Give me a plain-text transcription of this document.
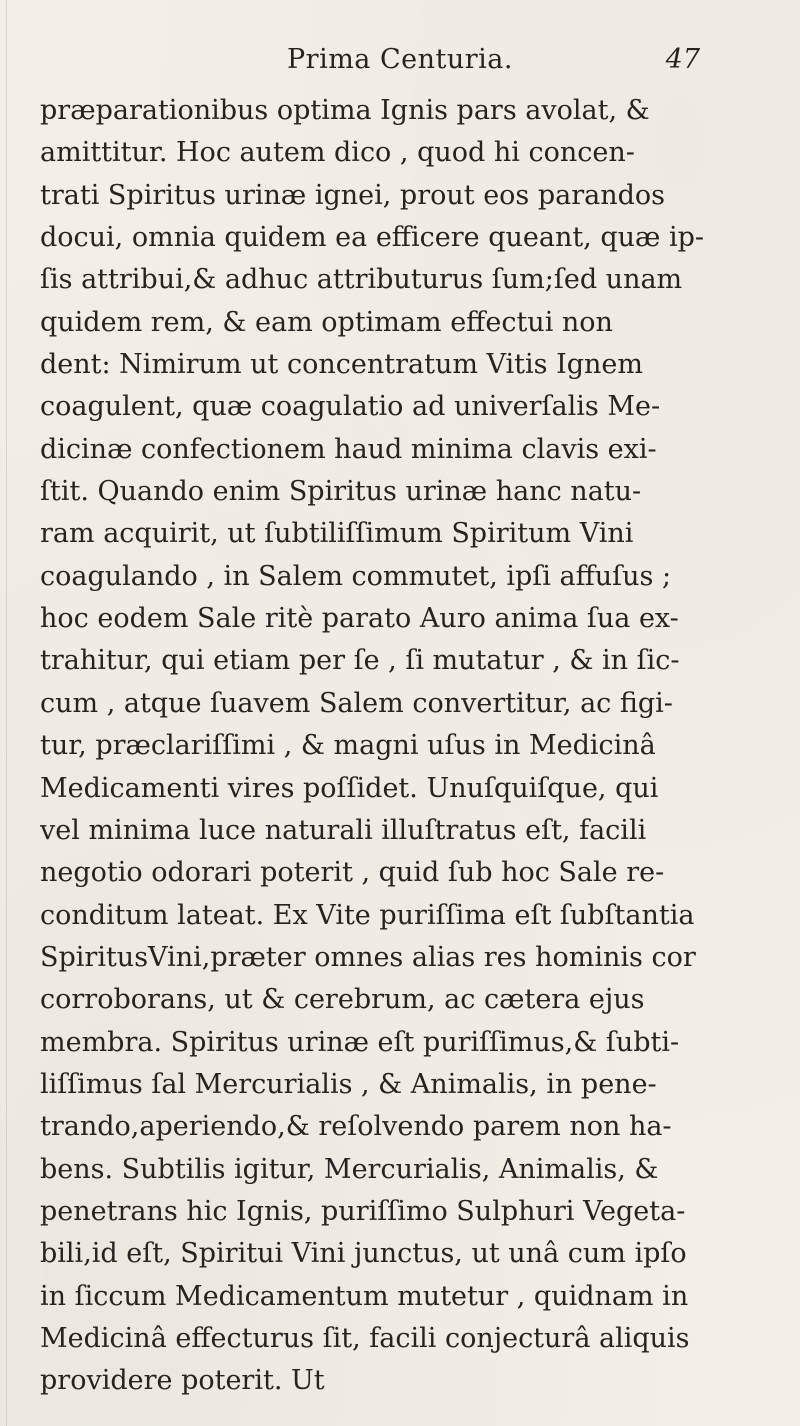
Prima Centuria.	47
præparationibus optima Ignis pars avolat, &
amittitur. Hoc autem dico , quod hi concen-
trati Spiritus urinæ ignei, prout eos parandos
docui, omnia quidem ea efficere queant, quæ ip-
ſis attribui,& adhuc attributurus ſum;ſed unam
quidem rem, & eam optimam effectui non
dent: Nimirum ut concentratum Vitis Ignem
coagulent, quæ coagulatio ad univerſalis Me-
dicinæ confectionem haud minima clavis exi-
ſtit. Quando enim Spiritus urinæ hanc natu-
ram acquirit, ut ſubtiliſſimum Spiritum Vini
coagulando , in Salem commutet, ipſi affuſus ;
hoc eodem Sale ritè parato Auro anima ſua ex-
trahitur, qui etiam per ſe , ſi mutatur , & in ſic-
cum , atque ſuavem Salem convertitur, ac figi-
tur, præclariſſimi , & magni uſus in Medicinâ
Medicamenti vires poſſidet. Unuſquiſque, qui
vel minima luce naturali illuſtratus eſt, facili
negotio odorari poterit , quid ſub hoc Sale re-
conditum lateat. Ex Vite puriſſima eſt ſubſtantia
SpiritusVini,præter omnes alias res hominis cor
corroborans, ut & cerebrum, ac cætera ejus
membra. Spiritus urinæ eſt puriſſimus,& ſubti-
liſſimus ſal Mercurialis , & Animalis, in pene-
trando,aperiendo,& reſolvendo parem non ha-
bens. Subtilis igitur, Mercurialis, Animalis, &
penetrans hic Ignis, puriſſimo Sulphuri Vegeta-
bili,id eſt, Spiritui Vini junctus, ut unâ cum ipſo
in ſiccum Medicamentum mutetur , quidnam in
Medicinâ effecturus ſit, facili conjecturâ aliquis
providere poterit. Ut
